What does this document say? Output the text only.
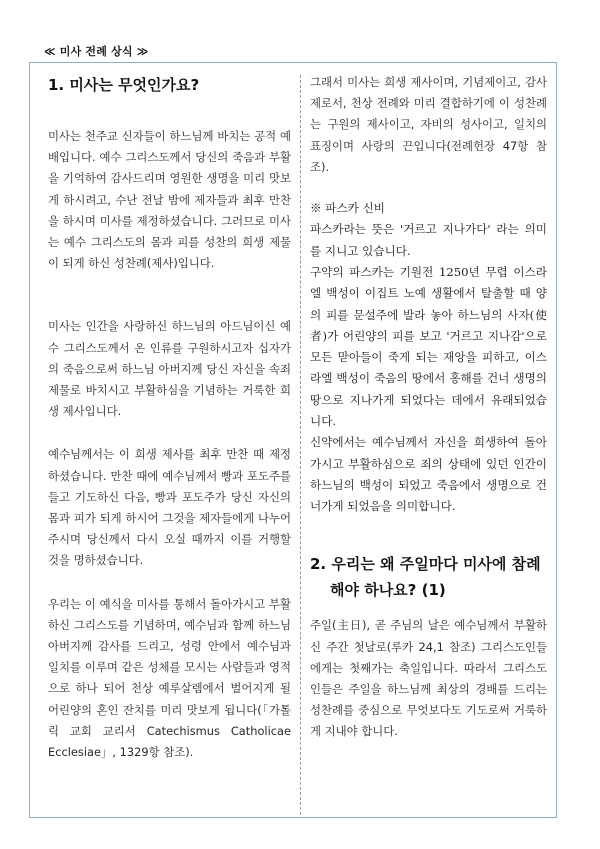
≪ 미사 전례 상식 ≫
1. 미사는 무엇인가요?

미사는 천주교 신자들이 하느님께 바치는 공적 예배입니다. 예수 그리스도께서 당신의 죽음과 부활을 기억하여 감사드리며 영원한 생명을 미리 맛보게 하시려고, 수난 전날 밤에 제자들과 최후 만찬을 하시며 미사를 제정하셨습니다. 그러므로 미사는 예수 그리스도의 몸과 피를 성찬의 희생 제물이 되게 하신 성찬례(제사)입니다.

미사는 인간을 사랑하신 하느님의 아드님이신 예수 그리스도께서 온 인류를 구원하시고자 십자가의 죽음으로써 하느님 아버지께 당신 자신을 속죄 제물로 바치시고 부활하심을 기념하는 거룩한 희생 제사입니다.

예수님께서는 이 희생 제사를 최후 만찬 때 제정하셨습니다. 만찬 때에 예수님께서 빵과 포도주를 들고 기도하신 다음, 빵과 포도주가 당신 자신의 몸과 피가 되게 하시어 그것을 제자들에게 나누어 주시며 당신께서 다시 오실 때까지 이를 거행할 것을 명하셨습니다.

우리는 이 예식을 미사를 통해서 돌아가시고 부활하신 그리스도를 기념하며, 예수님과 함께 하느님 아버지께 감사를 드리고, 성령 안에서 예수님과 일치를 이루며 같은 성체를 모시는 사람들과 영적으로 하나 되어 천상 예루살렘에서 벌어지게 될 어린양의 혼인 잔치를 미리 맛보게 됩니다(「가톨릭 교회 교리서 Catechismus Catholicae Ecclesiae」, 1329항 참조).

그래서 미사는 희생 제사이며, 기념제이고, 감사제로서, 천상 전례와 미리 결합하기에 이 성찬례는 구원의 제사이고, 자비의 성사이고, 일치의 표징이며 사랑의 끈입니다(전례헌장 47항 참조).

※ 파스카 신비

파스카라는 뜻은 '거르고 지나가다' 라는 의미를 지니고 있습니다.

구약의 파스카는 기원전 1250년 무렵 이스라엘 백성이 이집트 노예 생활에서 탈출할 때 양의 피를 문설주에 발라 놓아 하느님의 사자(使者)가 어린양의 피를 보고 '거르고 지나감'으로 모든 맏아들이 죽게 되는 재앙을 피하고, 이스라엘 백성이 죽음의 땅에서 홍해를 건너 생명의 땅으로 지나가게 되었다는 데에서 유래되었습니다.

신약에서는 예수님께서 자신을 희생하여 돌아가시고 부활하심으로 죄의 상태에 있던 인간이 하느님의 백성이 되었고 죽음에서 생명으로 건너가게 되었음을 의미합니다.

2. 우리는 왜 주일마다 미사에 참례
해야 하나요? (1)

주일(主日), 곧 주님의 날은 예수님께서 부활하신 주간 첫날로(루카 24,1 참조) 그리스도인들에게는 첫째가는 축일입니다. 따라서 그리스도인들은 주일을 하느님께 최상의 경배를 드리는 성찬례를 중심으로 무엇보다도 기도로써 거룩하게 지내야 합니다.
